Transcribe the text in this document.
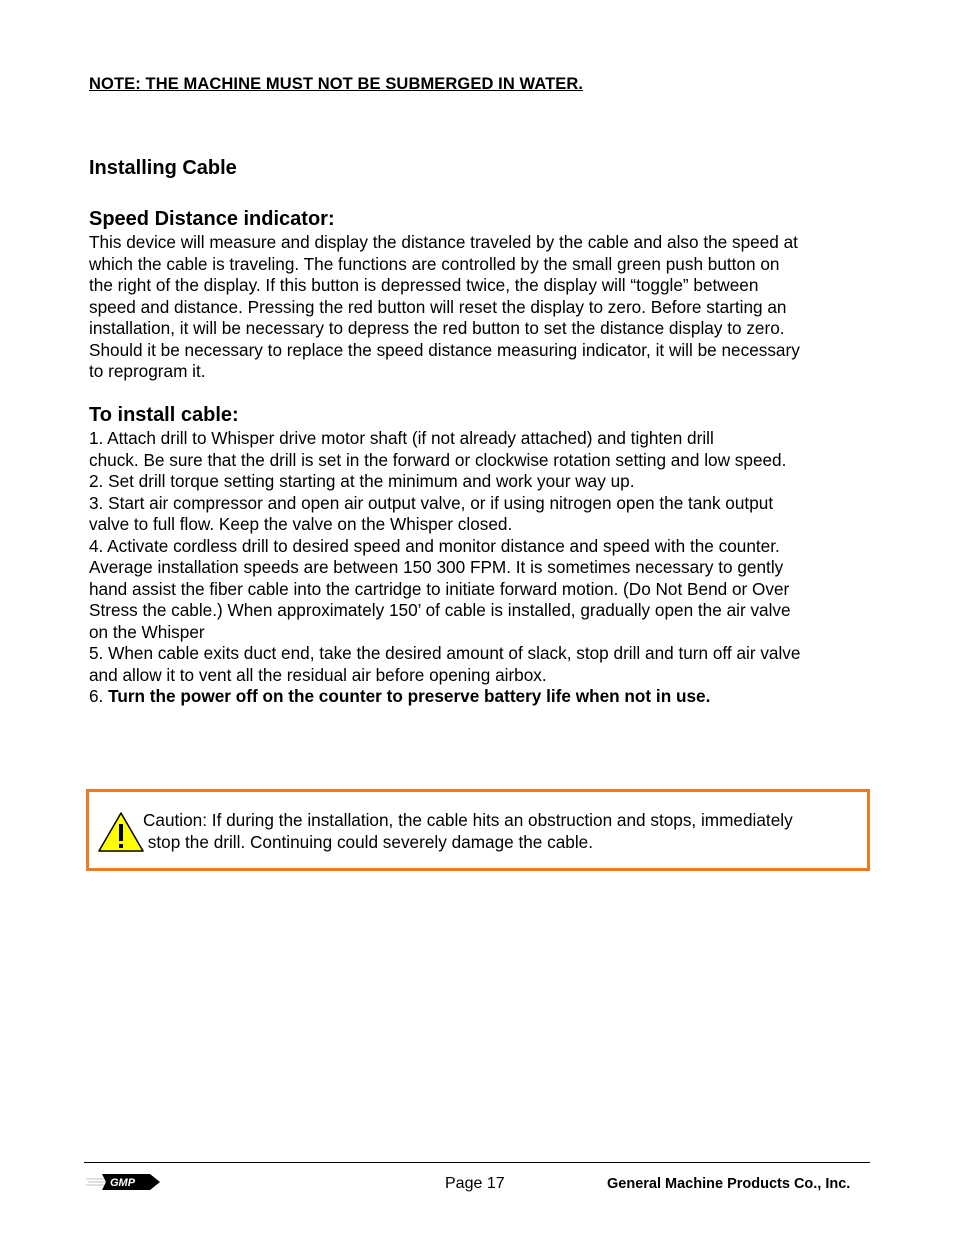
NOTE: THE MACHINE MUST NOT BE SUBMERGED IN WATER.
Installing Cable
Speed Distance indicator:
This device will measure and display the distance traveled by the cable and also the speed at
which the cable is traveling. The functions are controlled by the small green push button on
the right of the display. If this button is depressed twice, the display will “toggle” between
speed and distance. Pressing the red button will reset the display to zero. Before starting an
installation, it will be necessary to depress the red button to set the distance display to zero.
Should it be necessary to replace the speed distance measuring indicator, it will be necessary
to reprogram it.
To install cable:
1. Attach drill to Whisper drive motor shaft (if not already attached) and tighten drill
chuck. Be sure that the drill is set in the forward or clockwise rotation setting and low speed.
2. Set drill torque setting starting at the minimum and work your way up.
3. Start air compressor and open air output valve, or if using nitrogen open the tank output
valve to full flow. Keep the valve on the Whisper closed.
4. Activate cordless drill to desired speed and monitor distance and speed with the counter.
Average installation speeds are between 150 300 FPM. It is sometimes necessary to gently
hand assist the fiber cable into the cartridge to initiate forward motion. (Do Not Bend or Over
Stress the cable.) When approximately 150’ of cable is installed, gradually open the air valve
on the Whisper
5. When cable exits duct end, take the desired amount of slack, stop drill and turn off air valve
and allow it to vent all the residual air before opening airbox.
6. Turn the power off on the counter to preserve battery life when not in use.
Caution: If during the installation, the cable hits an obstruction and stops, immediately
stop the drill. Continuing could severely damage the cable.
GMP	Page 17	General Machine Products Co., Inc.
